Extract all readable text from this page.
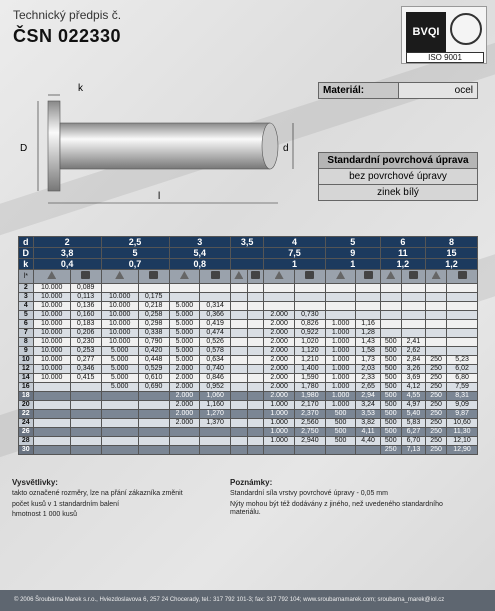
Technický předpis č.
ČSN 022330	BVQI
ISO 9001
k
D	d
l
Materiál:	ocel
Standardní povrchová úprava
bez povrchové úpravy
zinek bílý
d	2		2,5		3		3,5		4		5		6		8	
D	3,8		5		5,4				7,5		9		11		15	
k	0,4		0,7		0,8				1		1		1,2		1,2	
l*																
2	10.000	0,089														
3	10.000	0,113	10.000	0,175												
4	10.000	0,136	10.000	0,218	5.000	0,314										
5	10.000	0,160	10.000	0,258	5.000	0,366			2.000	0,730						
6	10.000	0,183	10.000	0,298	5.000	0,419			2.000	0,826	1.000	1,16				
7	10.000	0,206	10.000	0,338	5.000	0,474			2.000	0,922	1.000	1,28				
8	10.000	0,230	10.000	0,790	5.000	0,526			2.000	1,020	1.000	1,43	500	2,41		
9	10.000	0,253	5.000	0,420	5.000	0,578			2.000	1,120	1.000	1,58	500	2,62		
10	10.000	0,277	5.000	0,448	5.000	0,634			2.000	1,210	1.000	1,73	500	2,84	250	5,23
12	10.000	0,346	5.000	0,529	2.000	0,740			2.000	1,400	1.000	2,03	500	3,26	250	6,02
14	10.000	0,415	5.000	0,610	2.000	0,846			2.000	1,590	1.000	2,33	500	3,69	250	6,80
16			5.000	0,690	2.000	0,952			2.000	1,780	1.000	2,65	500	4,12	250	7,59
18					2.000	1,060			2.000	1,980	1.000	2,94	500	4,55	250	8,31
20					2.000	1,160			1.000	2,170	1.000	3,24	500	4,97	250	9,09
22					2.000	1,270			1.000	2,370	500	3,53	500	5,40	250	9,87
24					2.000	1,370			1.000	2,560	500	3,82	500	5,83	250	10,60
26									1.000	2,750	500	4,11	500	6,27	250	11,30
28									1.000	2,940	500	4,40	500	6,70	250	12,10
30													250	7,13	250	12,90
Vysvětlivky:

takto označené rozměry, lze na přání zákazníka změnit

počet kusů v 1 standardním balení

hmotnost 1 000 kusů

Poznámky:

Standardní síla vrstvy povrchové úpravy - 0,05 mm

Nýty mohou být též dodávány z jiného, než uvedeného standardního materiálu.

© 2006 Šroubárna Marek s.r.o., Hviezdoslavova 6, 257 24 Chocerady, tel.: 317 792 101-3; fax: 317 792 104; www.sroubarnamarek.com; sroubarna_marek@iol.cz
